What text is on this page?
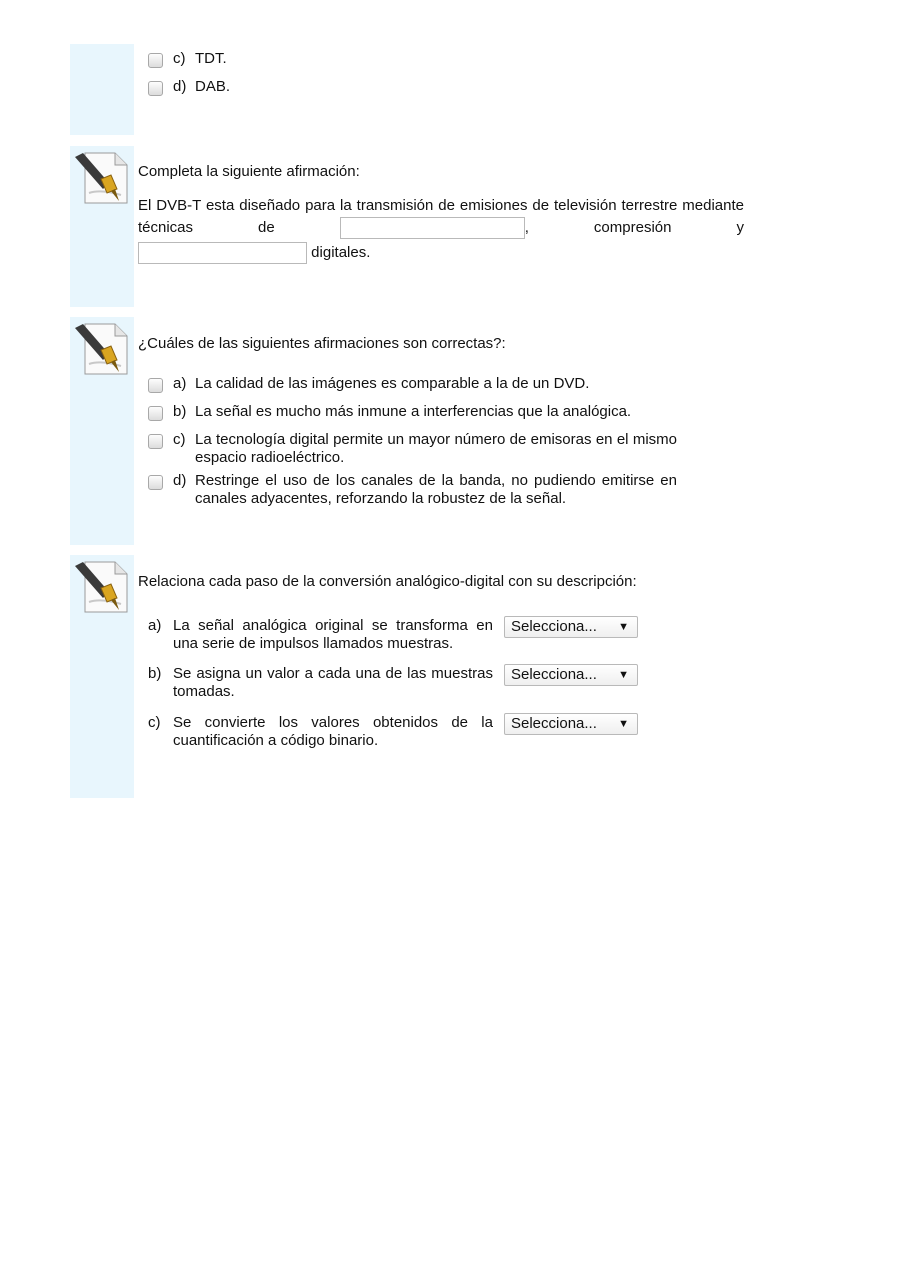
c) TDT.
d) DAB.
Completa la siguiente afirmación:
El DVB-T esta diseñado para la transmisión de emisiones de televisión terrestre mediante técnicas de	, compresión y
digitales.
¿Cuáles de las siguientes afirmaciones son correctas?:
a) La calidad de las imágenes es comparable a la de un DVD.
b) La señal es mucho más inmune a interferencias que la analógica.
c) La tecnología digital permite un mayor número de emisoras en el mismo espacio radioeléctrico.
d) Restringe el uso de los canales de la banda, no pudiendo emitirse en canales adyacentes, reforzando la robustez de la señal.
Relaciona cada paso de la conversión analógico-digital con su descripción:
a) La señal analógica original se transforma en una serie de impulsos llamados muestras.
Selecciona... ▼
b) Se asigna un valor a cada una de las muestras tomadas.
Selecciona... ▼
c) Se convierte los valores obtenidos de la cuantificación a código binario.
Selecciona... ▼
